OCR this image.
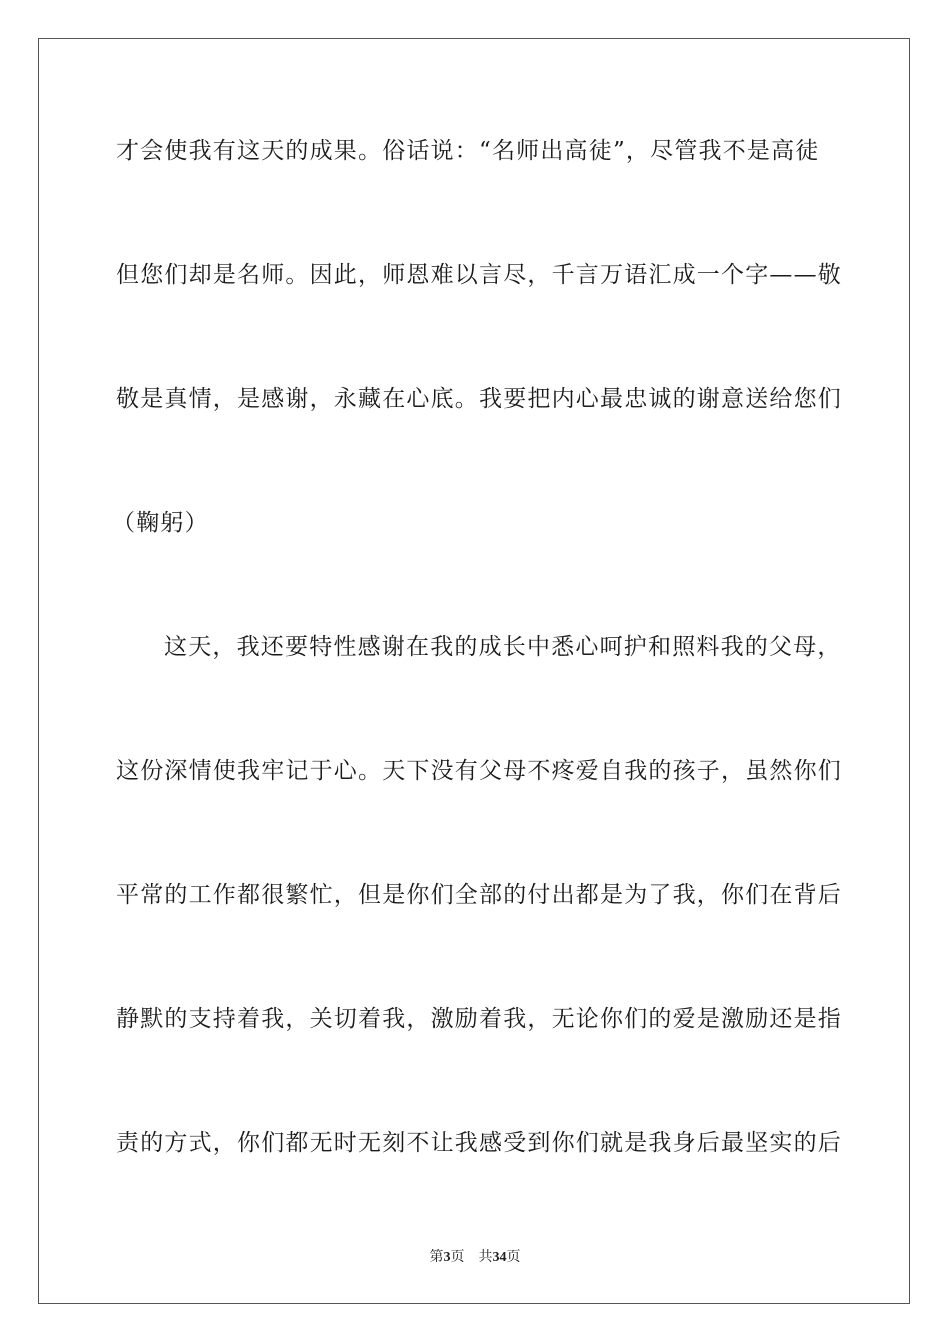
才会使我有这天的成果。俗话说：“名师出高徒”，尽管我不是高徒
但您们却是名师。因此，师恩难以言尽，千言万语汇成一个字——敬
敬是真情，是感谢，永藏在心底。我要把内心最忠诚的谢意送给您们
（鞠躬）
这天，我还要特性感谢在我的成长中悉心呵护和照料我的父母，
这份深情使我牢记于心。天下没有父母不疼爱自我的孩子，虽然你们
平常的工作都很繁忙，但是你们全部的付出都是为了我，你们在背后
静默的支持着我，关切着我，激励着我，无论你们的爱是激励还是指
责的方式，你们都无时无刻不让我感受到你们就是我身后最坚实的后
第3页 共34页
